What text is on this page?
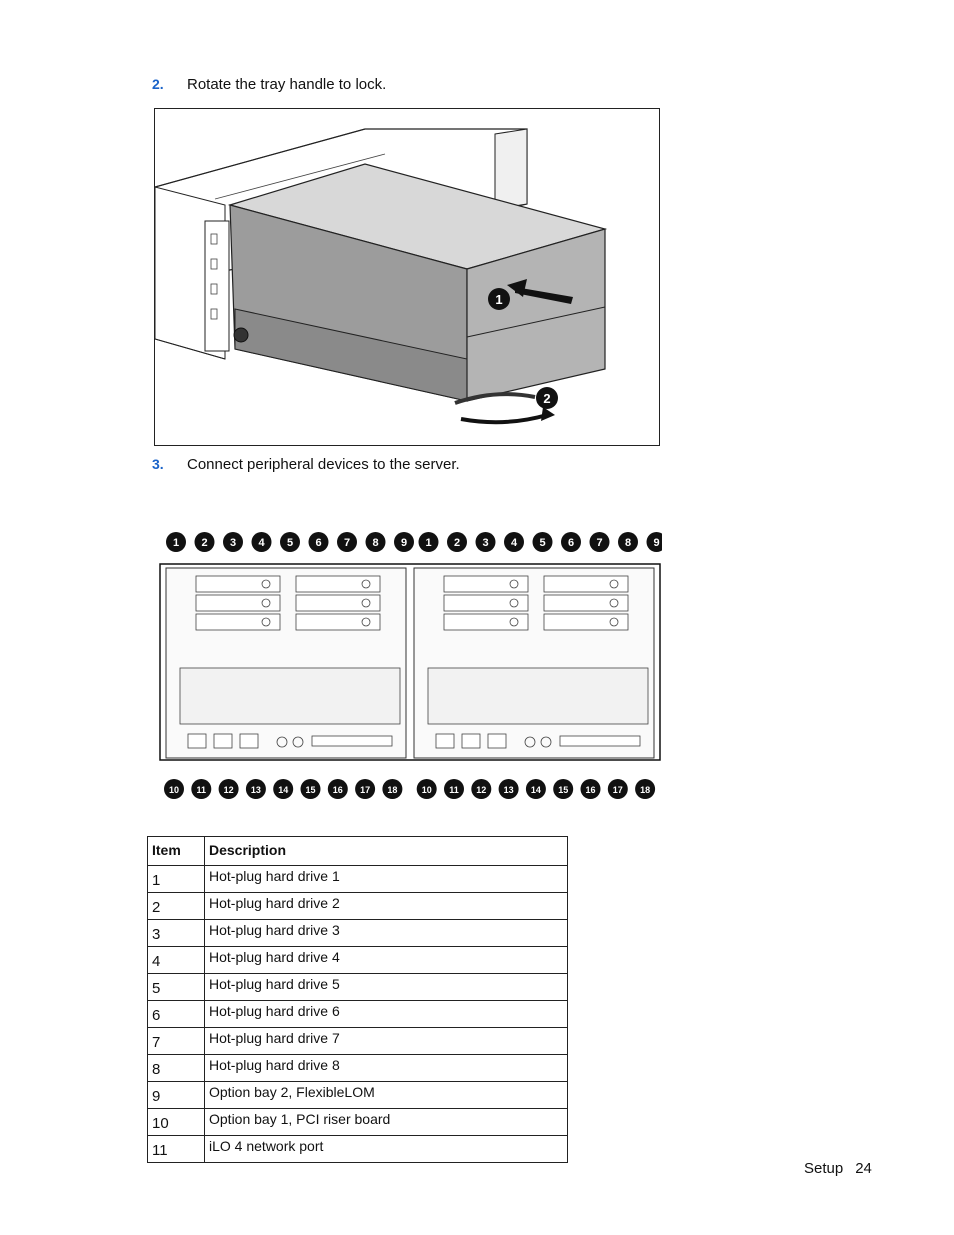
2.	Rotate the tray handle to lock.
1
2
3.	Connect peripheral devices to the server.
1 2 3 4 5 6 7 8 9 1 2 3 4 5 6 7 8 9
10 11 12 13 14 15 16 17 18	10 11 12 13 14 15 16 17 18
Item	Description
1	Hot-plug hard drive 1
2	Hot-plug hard drive 2
3	Hot-plug hard drive 3
4	Hot-plug hard drive 4
5	Hot-plug hard drive 5
6	Hot-plug hard drive 6
7	Hot-plug hard drive 7
8	Hot-plug hard drive 8
9	Option bay 2, FlexibleLOM
10	Option bay 1, PCI riser board
11	iLO 4 network port
Setup 24
